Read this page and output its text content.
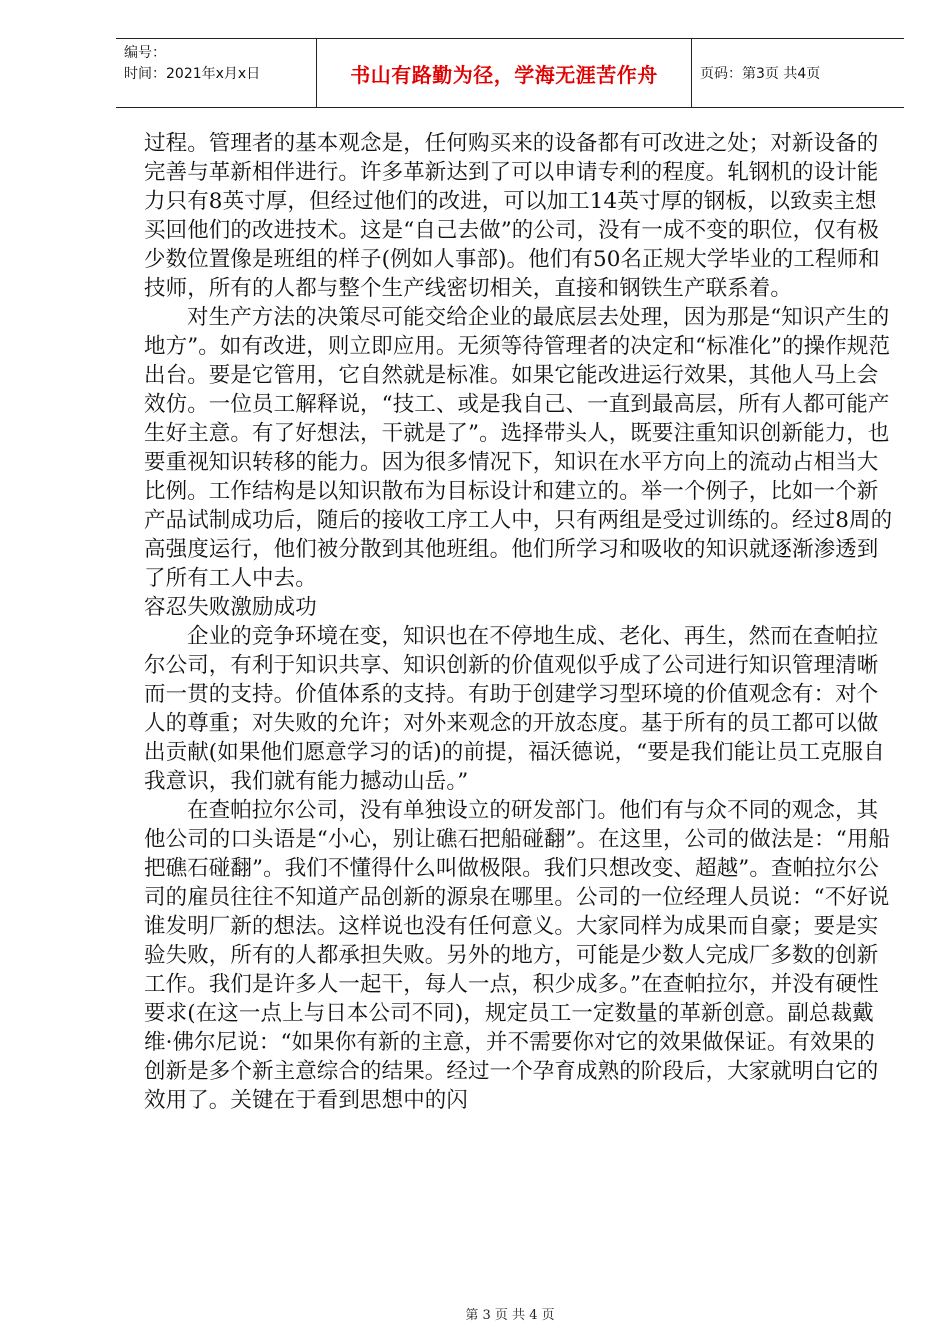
编号：
时间：2021年x月x日	书山有路勤为径，学海无涯苦作舟	页码：第3页 共4页

过程。管理者的基本观念是，任何购买来的设备都有可改进之处；对新设备的完善与革新相伴进行。许多革新达到了可以申请专利的程度。轧钢机的设计能力只有8英寸厚，但经过他们的改进，可以加工14英寸厚的钢板，以致卖主想买回他们的改进技术。这是“自己去做”的公司，没有一成不变的职位，仅有极少数位置像是班组的样子(例如人事部)。他们有50名正规大学毕业的工程师和技师，所有的人都与整个生产线密切相关，直接和钢铁生产联系着。

对生产方法的决策尽可能交给企业的最底层去处理，因为那是“知识产生的地方”。如有改进，则立即应用。无须等待管理者的决定和“标准化”的操作规范出台。要是它管用，它自然就是标准。如果它能改进运行效果，其他人马上会效仿。一位员工解释说，“技工、或是我自己、一直到最高层，所有人都可能产生好主意。有了好想法，干就是了”。选择带头人，既要注重知识创新能力，也要重视知识转移的能力。因为很多情况下，知识在水平方向上的流动占相当大比例。工作结构是以知识散布为目标设计和建立的。举一个例子，比如一个新产品试制成功后，随后的接收工序工人中，只有两组是受过训练的。经过8周的高强度运行，他们被分散到其他班组。他们所学习和吸收的知识就逐渐渗透到了所有工人中去。

容忍失败激励成功

企业的竞争环境在变，知识也在不停地生成、老化、再生，然而在查帕拉尔公司，有利于知识共享、知识创新的价值观似乎成了公司进行知识管理清晰而一贯的支持。价值体系的支持。有助于创建学习型环境的价值观念有：对个人的尊重；对失败的允许；对外来观念的开放态度。基于所有的员工都可以做出贡献(如果他们愿意学习的话)的前提，福沃德说，“要是我们能让员工克服自我意识，我们就有能力撼动山岳。”

在查帕拉尔公司，没有单独设立的研发部门。他们有与众不同的观念，其他公司的口头语是“小心，别让礁石把船碰翻”。在这里，公司的做法是：“用船把礁石碰翻”。我们不懂得什么叫做极限。我们只想改变、超越”。查帕拉尔公司的雇员往往不知道产品创新的源泉在哪里。公司的一位经理人员说：“不好说谁发明厂新的想法。这样说也没有任何意义。大家同样为成果而自豪；要是实验失败，所有的人都承担失败。另外的地方，可能是少数人完成厂多数的创新工作。我们是许多人一起干，每人一点，积少成多。”在查帕拉尔，并没有硬性要求(在这一点上与日本公司不同)，规定员工一定数量的革新创意。副总裁戴维·佛尔尼说：“如果你有新的主意，并不需要你对它的效果做保证。有效果的创新是多个新主意综合的结果。经过一个孕育成熟的阶段后，大家就明白它的效用了。关键在于看到思想中的闪

第 3 页 共 4 页
